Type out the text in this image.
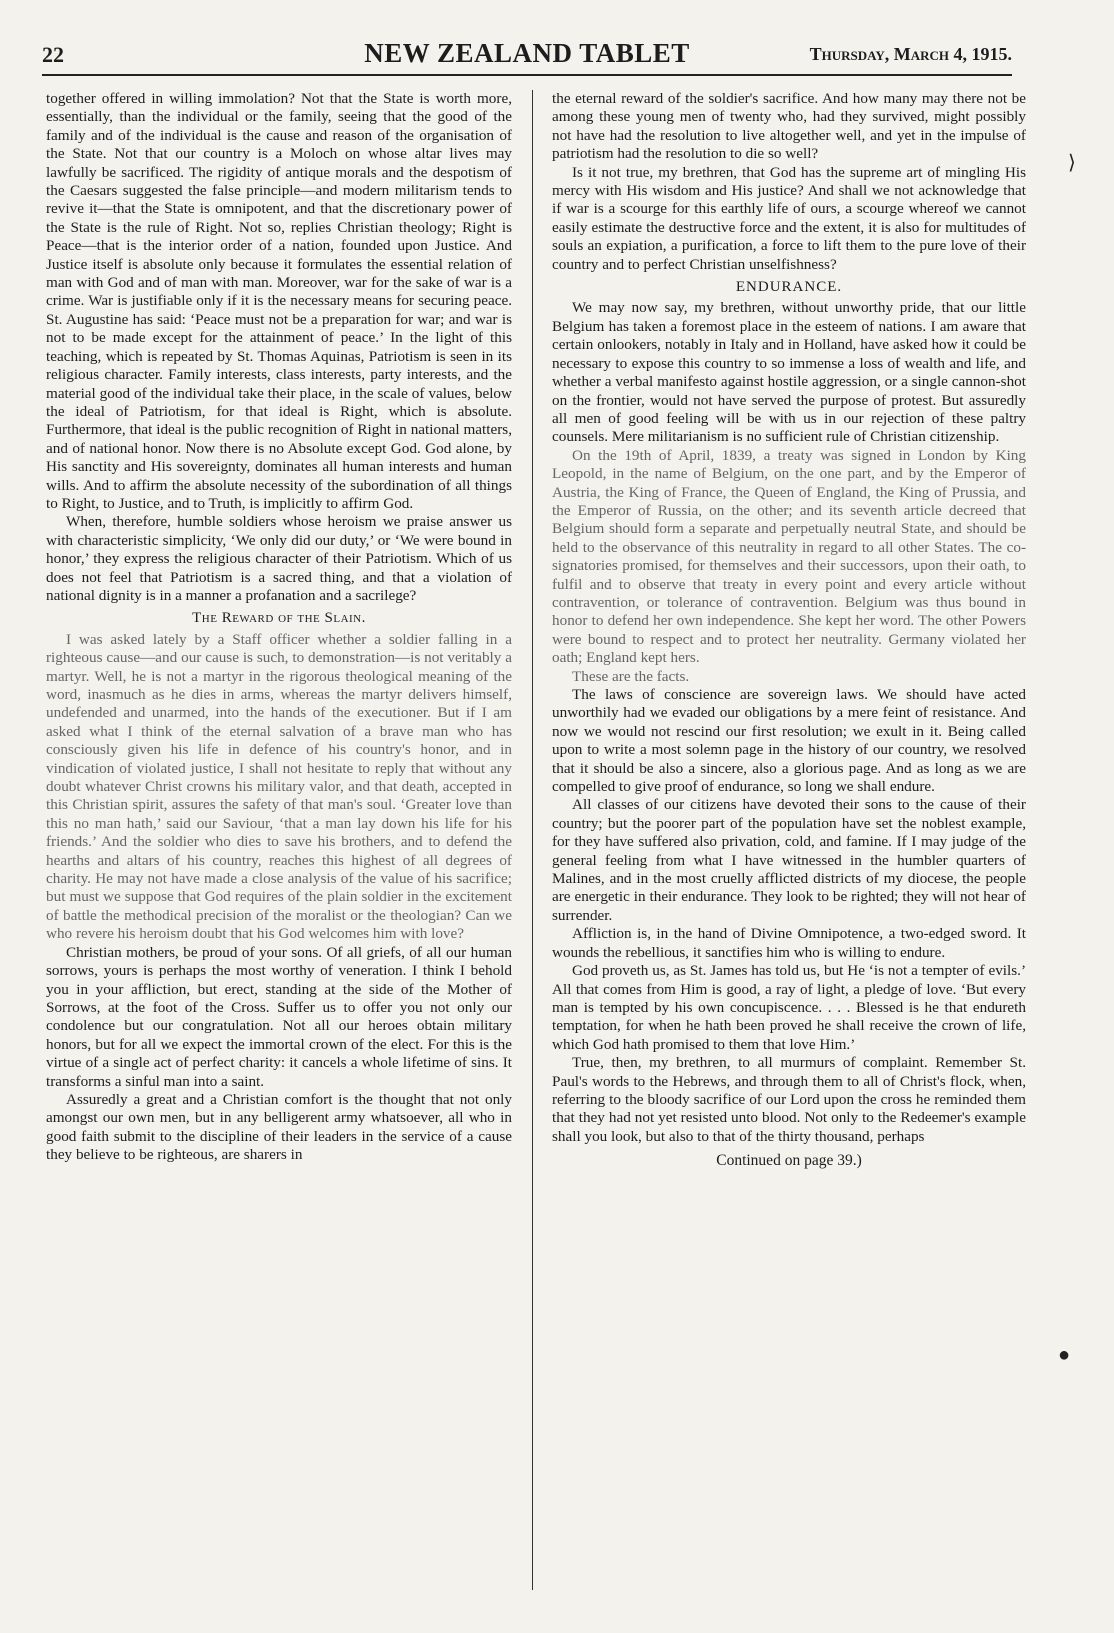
22	NEW ZEALAND TABLET	Thursday, March 4, 1915.

together offered in willing immolation? Not that the State is worth more, essentially, than the individual or the family, seeing that the good of the family and of the individual is the cause and reason of the organisation of the State. Not that our country is a Moloch on whose altar lives may lawfully be sacrificed. The rigidity of antique morals and the despotism of the Caesars suggested the false principle—and modern militarism tends to revive it—that the State is omnipotent, and that the discretionary power of the State is the rule of Right. Not so, replies Christian theology; Right is Peace—that is the interior order of a nation, founded upon Justice. And Justice itself is absolute only because it formulates the essential relation of man with God and of man with man. Moreover, war for the sake of war is a crime. War is justifiable only if it is the necessary means for securing peace. St. Augustine has said: ‘Peace must not be a preparation for war; and war is not to be made except for the attainment of peace.’ In the light of this teaching, which is repeated by St. Thomas Aquinas, Patriotism is seen in its religious character. Family interests, class interests, party interests, and the material good of the individual take their place, in the scale of values, below the ideal of Patriotism, for that ideal is Right, which is absolute. Furthermore, that ideal is the public recognition of Right in national matters, and of national honor. Now there is no Absolute except God. God alone, by His sanctity and His sovereignty, dominates all human interests and human wills. And to affirm the absolute necessity of the subordination of all things to Right, to Justice, and to Truth, is implicitly to affirm God.

When, therefore, humble soldiers whose heroism we praise answer us with characteristic simplicity, ‘We only did our duty,’ or ‘We were bound in honor,’ they express the religious character of their Patriotism. Which of us does not feel that Patriotism is a sacred thing, and that a violation of national dignity is in a manner a profanation and a sacrilege?

The Reward of the Slain.

I was asked lately by a Staff officer whether a soldier falling in a righteous cause—and our cause is such, to demonstration—is not veritably a martyr. Well, he is not a martyr in the rigorous theological meaning of the word, inasmuch as he dies in arms, whereas the martyr delivers himself, undefended and unarmed, into the hands of the executioner. But if I am asked what I think of the eternal salvation of a brave man who has consciously given his life in defence of his country's honor, and in vindication of violated justice, I shall not hesitate to reply that without any doubt whatever Christ crowns his military valor, and that death, accepted in this Christian spirit, assures the safety of that man's soul. ‘Greater love than this no man hath,’ said our Saviour, ‘that a man lay down his life for his friends.’ And the soldier who dies to save his brothers, and to defend the hearths and altars of his country, reaches this highest of all degrees of charity. He may not have made a close analysis of the value of his sacrifice; but must we suppose that God requires of the plain soldier in the excitement of battle the methodical precision of the moralist or the theologian? Can we who revere his heroism doubt that his God welcomes him with love?

Christian mothers, be proud of your sons. Of all griefs, of all our human sorrows, yours is perhaps the most worthy of veneration. I think I behold you in your affliction, but erect, standing at the side of the Mother of Sorrows, at the foot of the Cross. Suffer us to offer you not only our condolence but our congratulation. Not all our heroes obtain military honors, but for all we expect the immortal crown of the elect. For this is the virtue of a single act of perfect charity: it cancels a whole lifetime of sins. It transforms a sinful man into a saint.

Assuredly a great and a Christian comfort is the thought that not only amongst our own men, but in any belligerent army whatsoever, all who in good faith submit to the discipline of their leaders in the service of a cause they believe to be righteous, are sharers in

the eternal reward of the soldier's sacrifice. And how many may there not be among these young men of twenty who, had they survived, might possibly not have had the resolution to live altogether well, and yet in the impulse of patriotism had the resolution to die so well?

Is it not true, my brethren, that God has the supreme art of mingling His mercy with His wisdom and His justice? And shall we not acknowledge that if war is a scourge for this earthly life of ours, a scourge whereof we cannot easily estimate the destructive force and the extent, it is also for multitudes of souls an expiation, a purification, a force to lift them to the pure love of their country and to perfect Christian unselfishness?

ENDURANCE.

We may now say, my brethren, without unworthy pride, that our little Belgium has taken a foremost place in the esteem of nations. I am aware that certain onlookers, notably in Italy and in Holland, have asked how it could be necessary to expose this country to so immense a loss of wealth and life, and whether a verbal manifesto against hostile aggression, or a single cannon-shot on the frontier, would not have served the purpose of protest. But assuredly all men of good feeling will be with us in our rejection of these paltry counsels. Mere militarianism is no sufficient rule of Christian citizenship.

On the 19th of April, 1839, a treaty was signed in London by King Leopold, in the name of Belgium, on the one part, and by the Emperor of Austria, the King of France, the Queen of England, the King of Prussia, and the Emperor of Russia, on the other; and its seventh article decreed that Belgium should form a separate and perpetually neutral State, and should be held to the observance of this neutrality in regard to all other States. The co-signatories promised, for themselves and their successors, upon their oath, to fulfil and to observe that treaty in every point and every article without contravention, or tolerance of contravention. Belgium was thus bound in honor to defend her own independence. She kept her word. The other Powers were bound to respect and to protect her neutrality. Germany violated her oath; England kept hers.

These are the facts.

The laws of conscience are sovereign laws. We should have acted unworthily had we evaded our obligations by a mere feint of resistance. And now we would not rescind our first resolution; we exult in it. Being called upon to write a most solemn page in the history of our country, we resolved that it should be also a sincere, also a glorious page. And as long as we are compelled to give proof of endurance, so long we shall endure.

All classes of our citizens have devoted their sons to the cause of their country; but the poorer part of the population have set the noblest example, for they have suffered also privation, cold, and famine. If I may judge of the general feeling from what I have witnessed in the humbler quarters of Malines, and in the most cruelly afflicted districts of my diocese, the people are energetic in their endurance. They look to be righted; they will not hear of surrender.

Affliction is, in the hand of Divine Omnipotence, a two-edged sword. It wounds the rebellious, it sanctifies him who is willing to endure.

God proveth us, as St. James has told us, but He ‘is not a tempter of evils.’ All that comes from Him is good, a ray of light, a pledge of love. ‘But every man is tempted by his own concupiscence. . . . Blessed is he that endureth temptation, for when he hath been proved he shall receive the crown of life, which God hath promised to them that love Him.’

True, then, my brethren, to all murmurs of complaint. Remember St. Paul's words to the Hebrews, and through them to all of Christ's flock, when, referring to the bloody sacrifice of our Lord upon the cross he reminded them that they had not yet resisted unto blood. Not only to the Redeemer's example shall you look, but also to that of the thirty thousand, perhaps

Continued on page 39.)
⟩
●
